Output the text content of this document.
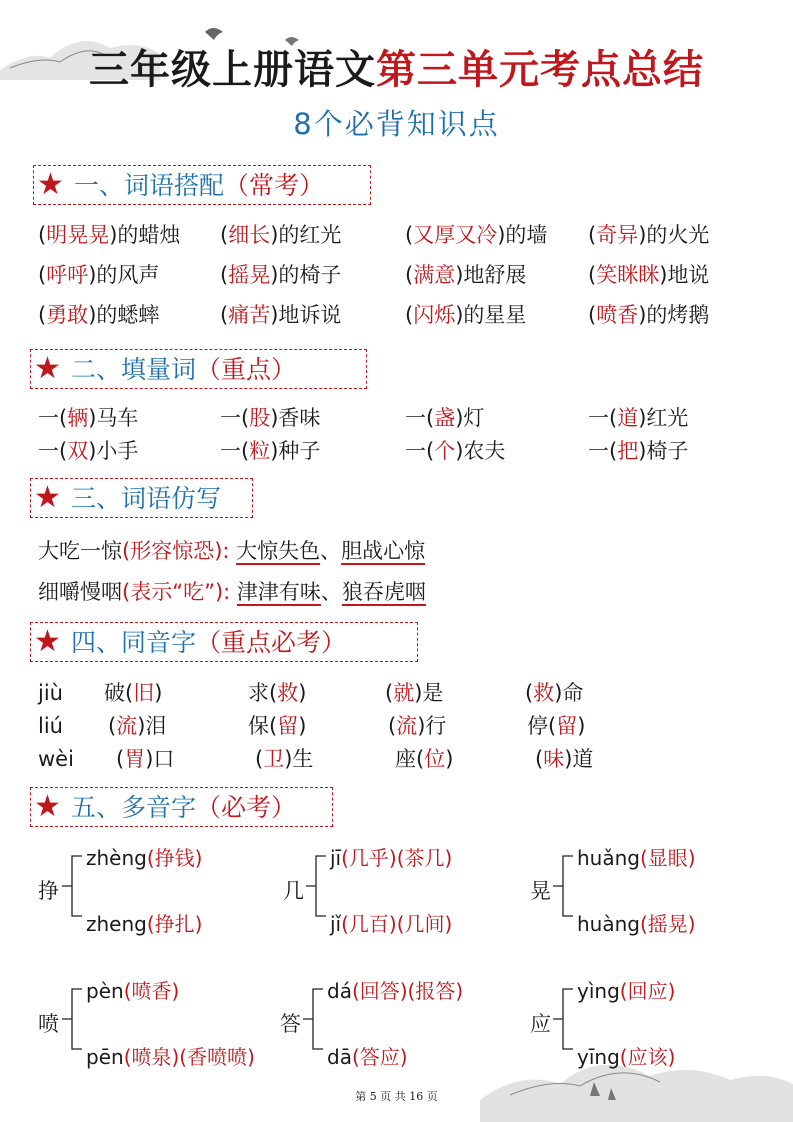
三年级上册语文第三单元考点总结
8个必背知识点
★ 一、词语搭配（常考）
(明晃晃)的蜡烛 (细长)的红光	(又厚又冷)的墙 (奇异)的火光
(呼呼)的风声	(摇晃)的椅子	(满意)地舒展	(笑眯眯)地说
(勇敢)的蟋蟀	(痛苦)地诉说	(闪烁)的星星	(喷香)的烤鹅
★ 二、填量词（重点）
一(辆)马车	一(股)香味	一(盏)灯	一(道)红光
一(双)小手	一(粒)种子	一(个)农夫	一(把)椅子
★ 三、词语仿写
大吃一惊(形容惊恐): 大惊失色、胆战心惊
细嚼慢咽(表示“吃”): 津津有味、狼吞虎咽
★ 四、同音字（重点必考）
jiù 破(旧)	求(救)	(就)是	(救)命
liú (流)泪	保(留)	(流)行	停(留)
wèi (胃)口	(卫)生	座(位)	(味)道
★ 五、多音字（必考）
挣
zhèng(挣钱)
zheng(挣扎)
几
jī(几乎)(茶几)
jǐ(几百)(几间)
晃
huǎng(显眼)
huàng(摇晃)
喷
pèn(喷香)
pēn(喷泉)(香喷喷)
答
dá(回答)(报答)
dā(答应)
应
yìng(回应)
yīng(应该)
第 5 页 共 16 页
